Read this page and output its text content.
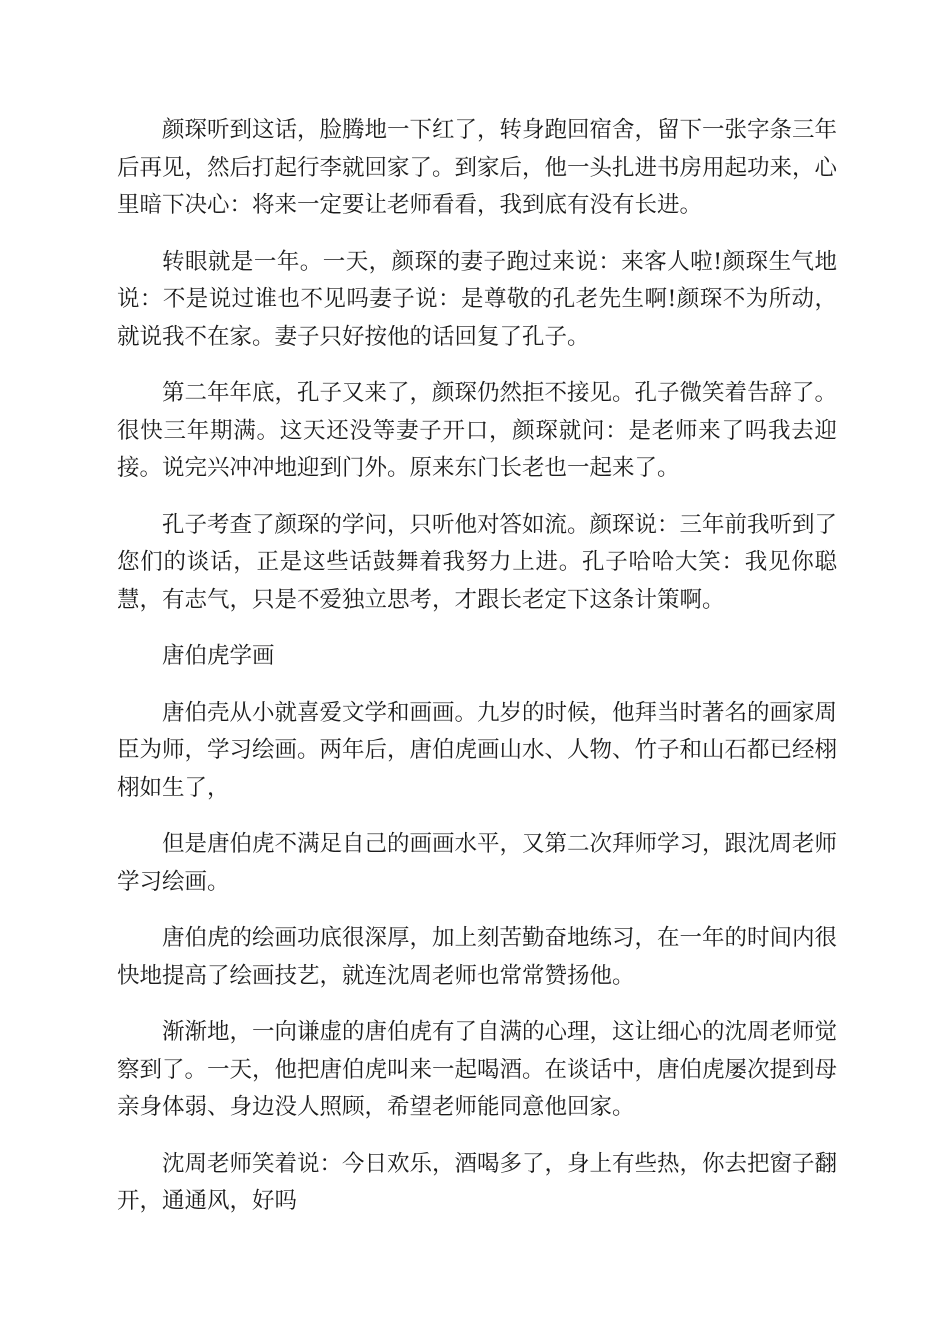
颜琛听到这话，脸腾地一下红了，转身跑回宿舍，留下一张字条三年后再见，然后打起行李就回家了。到家后，他一头扎进书房用起功来，心里暗下决心：将来一定要让老师看看，我到底有没有长进。

转眼就是一年。一天，颜琛的妻子跑过来说：来客人啦!颜琛生气地说：不是说过谁也不见吗妻子说：是尊敬的孔老先生啊!颜琛不为所动，就说我不在家。妻子只好按他的话回复了孔子。

第二年年底，孔子又来了，颜琛仍然拒不接见。孔子微笑着告辞了。很快三年期满。这天还没等妻子开口，颜琛就问：是老师来了吗我去迎接。说完兴冲冲地迎到门外。原来东门长老也一起来了。

孔子考查了颜琛的学问，只听他对答如流。颜琛说：三年前我听到了您们的谈话，正是这些话鼓舞着我努力上进。孔子哈哈大笑：我见你聪慧，有志气，只是不爱独立思考，才跟长老定下这条计策啊。

唐伯虎学画

唐伯壳从小就喜爱文学和画画。九岁的时候，他拜当时著名的画家周臣为师，学习绘画。两年后，唐伯虎画山水、人物、竹子和山石都已经栩栩如生了，

但是唐伯虎不满足自己的画画水平，又第二次拜师学习，跟沈周老师学习绘画。

唐伯虎的绘画功底很深厚，加上刻苦勤奋地练习，在一年的时间内很快地提高了绘画技艺，就连沈周老师也常常赞扬他。

渐渐地，一向谦虚的唐伯虎有了自满的心理，这让细心的沈周老师觉察到了。一天，他把唐伯虎叫来一起喝酒。在谈话中，唐伯虎屡次提到母亲身体弱、身边没人照顾，希望老师能同意他回家。

沈周老师笑着说：今日欢乐，酒喝多了，身上有些热，你去把窗子翻开，通通风，好吗
